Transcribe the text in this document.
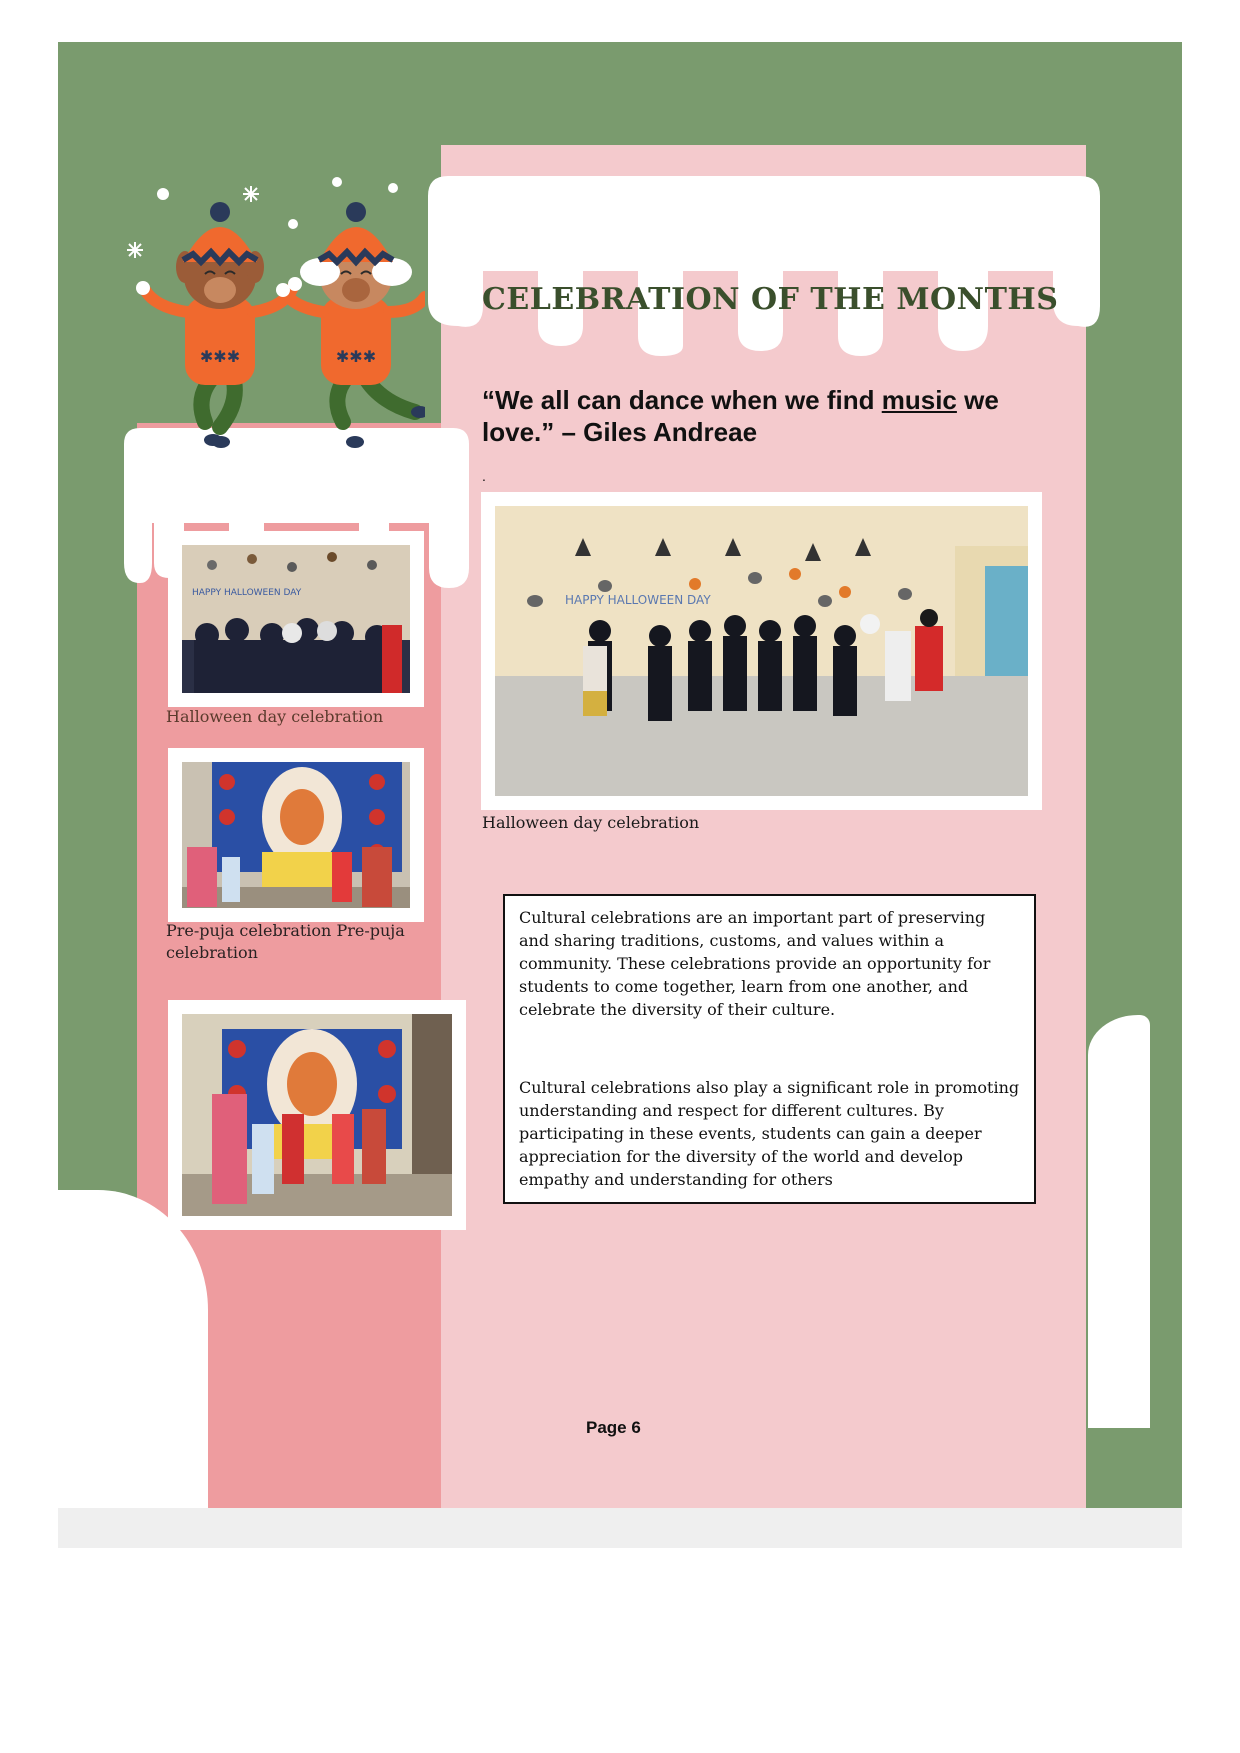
✱✱✱	✱✱✱
CELEBRATION OF THE MONTHS

“We all can dance when we find music we love.” – Giles Andreae

.
HAPPY HALLOWEEN DAY
Halloween day celebration
Pre-puja celebration Pre-puja celebration
HAPPY HALLOWEEN DAY
Halloween day celebration

Cultural celebrations are an important part of preserving and sharing traditions, customs, and values within a community. These celebrations provide an opportunity for students to come together, learn from one another, and celebrate the diversity of their culture.

Cultural celebrations also play a significant role in promoting understanding and respect for different cultures. By participating in these events, students can gain a deeper appreciation for the diversity of the world and develop empathy and understanding for others

Page 6
